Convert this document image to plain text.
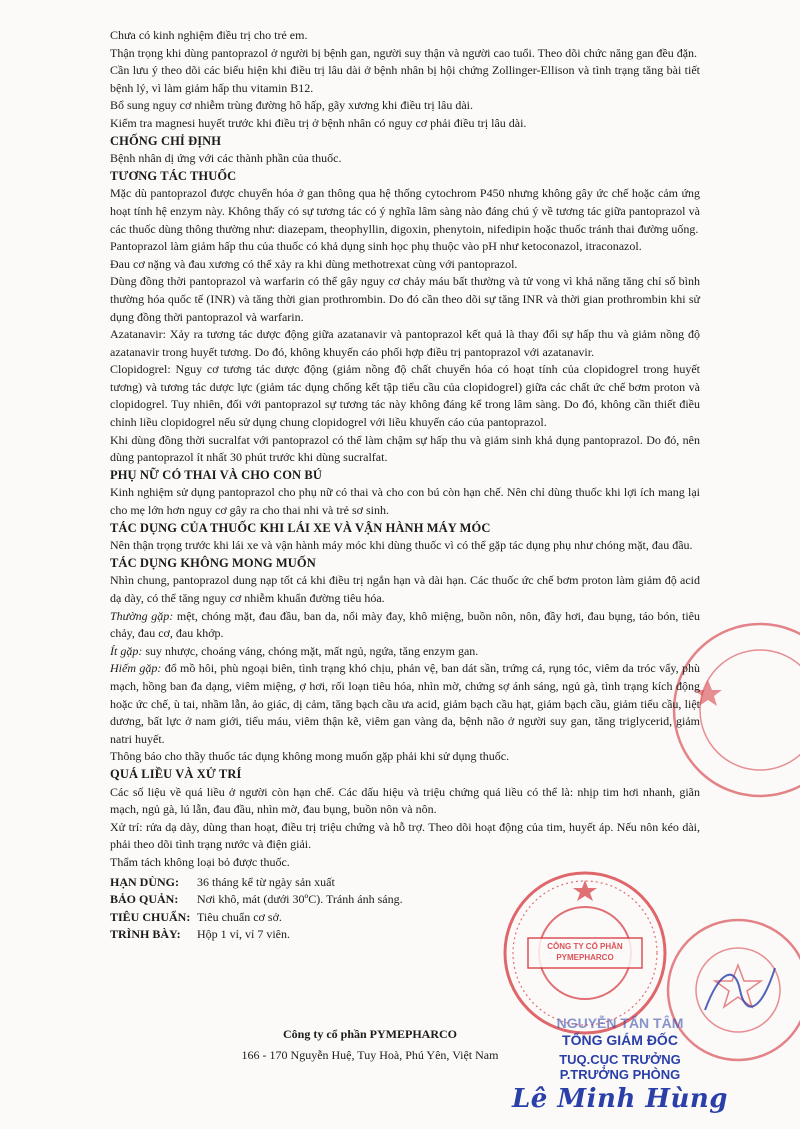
CÔNG TY CỔ PHẦN PYMEPHARCO

Chưa có kinh nghiệm điều trị cho trẻ em.

Thận trọng khi dùng pantoprazol ở người bị bệnh gan, người suy thận và người cao tuổi. Theo dõi chức năng gan đều đặn.

Cần lưu ý theo dõi các biểu hiện khi điều trị lâu dài ở bệnh nhân bị hội chứng Zollinger-Ellison và tình trạng tăng bài tiết bệnh lý, vì làm giảm hấp thu vitamin B12.

Bổ sung nguy cơ nhiễm trùng đường hô hấp, gãy xương khi điều trị lâu dài.

Kiểm tra magnesi huyết trước khi điều trị ở bệnh nhân có nguy cơ phải điều trị lâu dài.

CHỐNG CHỈ ĐỊNH

Bệnh nhân dị ứng với các thành phần của thuốc.

TƯƠNG TÁC THUỐC

Mặc dù pantoprazol được chuyển hóa ở gan thông qua hệ thống cytochrom P450 nhưng không gây ức chế hoặc cảm ứng hoạt tính hệ enzym này. Không thấy có sự tương tác có ý nghĩa lâm sàng nào đáng chú ý về tương tác giữa pantoprazol và các thuốc dùng thông thường như: diazepam, theophyllin, digoxin, phenytoin, nifedipin hoặc thuốc tránh thai đường uống.

Pantoprazol làm giảm hấp thu của thuốc có khả dụng sinh học phụ thuộc vào pH như ketoconazol, itraconazol.

Đau cơ nặng và đau xương có thể xảy ra khi dùng methotrexat cùng với pantoprazol.

Dùng đồng thời pantoprazol và warfarin có thể gây nguy cơ chảy máu bất thường và tử vong vì khả năng tăng chỉ số bình thường hóa quốc tế (INR) và tăng thời gian prothrombin. Do đó cần theo dõi sự tăng INR và thời gian prothrombin khi sử dụng đồng thời pantoprazol và warfarin.

Azatanavir: Xảy ra tương tác dược động giữa azatanavir và pantoprazol kết quả là thay đổi sự hấp thu và giảm nồng độ azatanavir trong huyết tương. Do đó, không khuyến cáo phối hợp điều trị pantoprazol với azatanavir.

Clopidogrel: Nguy cơ tương tác dược động (giảm nồng độ chất chuyển hóa có hoạt tính của clopidogrel trong huyết tương) và tương tác dược lực (giảm tác dụng chống kết tập tiểu cầu của clopidogrel) giữa các chất ức chế bơm proton và clopidogrel. Tuy nhiên, đối với pantoprazol sự tương tác này không đáng kể trong lâm sàng. Do đó, không cần thiết điều chỉnh liều clopidogrel nếu sử dụng chung clopidogrel với liều khuyến cáo của pantoprazol.

Khi dùng đồng thời sucralfat với pantoprazol có thể làm chậm sự hấp thu và giảm sinh khả dụng pantoprazol. Do đó, nên dùng pantoprazol ít nhất 30 phút trước khi dùng sucralfat.

PHỤ NỮ CÓ THAI VÀ CHO CON BÚ

Kinh nghiệm sử dụng pantoprazol cho phụ nữ có thai và cho con bú còn hạn chế. Nên chỉ dùng thuốc khi lợi ích mang lại cho mẹ lớn hơn nguy cơ gây ra cho thai nhi và trẻ sơ sinh.

TÁC DỤNG CỦA THUỐC KHI LÁI XE VÀ VẬN HÀNH MÁY MÓC

Nên thận trọng trước khi lái xe và vận hành máy móc khi dùng thuốc vì có thể gặp tác dụng phụ như chóng mặt, đau đầu.

TÁC DỤNG KHÔNG MONG MUỐN

Nhìn chung, pantoprazol dung nạp tốt cả khi điều trị ngắn hạn và dài hạn. Các thuốc ức chế bơm proton làm giảm độ acid dạ dày, có thể tăng nguy cơ nhiễm khuẩn đường tiêu hóa.

Thường gặp: mệt, chóng mặt, đau đầu, ban da, nổi mày đay, khô miệng, buồn nôn, nôn, đầy hơi, đau bụng, táo bón, tiêu chảy, đau cơ, đau khớp.

Ít gặp: suy nhược, choáng váng, chóng mặt, mất ngủ, ngứa, tăng enzym gan.

Hiếm gặp: đổ mồ hôi, phù ngoại biên, tình trạng khó chịu, phản vệ, ban dát sần, trứng cá, rụng tóc, viêm da tróc vẩy, phù mạch, hồng ban đa dạng, viêm miệng, ợ hơi, rối loạn tiêu hóa, nhìn mờ, chứng sợ ánh sáng, ngủ gà, tình trạng kích động hoặc ức chế, ù tai, nhầm lẫn, ảo giác, dị cảm, tăng bạch cầu ưa acid, giảm bạch cầu hạt, giảm bạch cầu, giảm tiểu cầu, liệt dương, bất lực ở nam giới, tiểu máu, viêm thận kẽ, viêm gan vàng da, bệnh não ở người suy gan, tăng triglycerid, giảm natri huyết.

Thông báo cho thầy thuốc tác dụng không mong muốn gặp phải khi sử dụng thuốc.

QUÁ LIỀU VÀ XỬ TRÍ

Các số liệu về quá liều ở người còn hạn chế. Các dấu hiệu và triệu chứng quá liều có thể là: nhịp tim hơi nhanh, giãn mạch, ngủ gà, lú lẫn, đau đầu, nhìn mờ, đau bụng, buồn nôn và nôn.

Xử trí: rửa dạ dày, dùng than hoạt, điều trị triệu chứng và hỗ trợ. Theo dõi hoạt động của tim, huyết áp. Nếu nôn kéo dài, phải theo dõi tình trạng nước và điện giải.

Thẩm tách không loại bỏ được thuốc.

HẠN DÙNG:	36 tháng kể từ ngày sản xuất
BẢO QUẢN:	Nơi khô, mát (dưới 30ºC). Tránh ánh sáng.
TIÊU CHUẨN: Tiêu chuẩn cơ sở.
TRÌNH BÀY:	Hộp 1 vỉ, vỉ 7 viên.
Công ty cổ phần PYMEPHARCO
166 - 170 Nguyễn Huệ, Tuy Hoà, Phú Yên, Việt Nam
NGUYỄN TẤN TÂM
TỔNG GIÁM ĐỐC
TUQ.CỤC TRƯỞNG
P.TRƯỞNG PHÒNG
Lê Minh Hùng
